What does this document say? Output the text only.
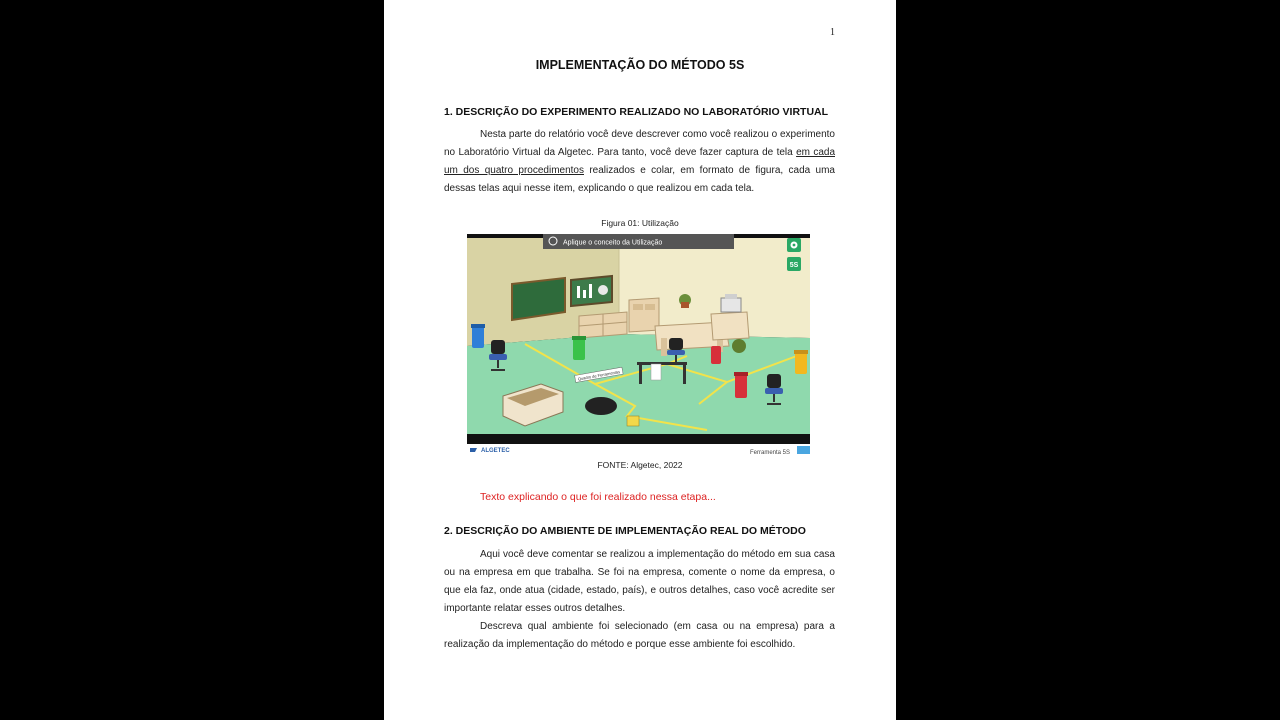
1
IMPLEMENTAÇÃO DO MÉTODO 5S
1. DESCRIÇÃO DO EXPERIMENTO REALIZADO NO LABORATÓRIO VIRTUAL
Nesta parte do relatório você deve descrever como você realizou o experimento no Laboratório Virtual da Algetec. Para tanto, você deve fazer captura de tela em cada um dos quatro procedimentos realizados e colar, em formato de figura, cada uma dessas telas aqui nesse item, explicando o que realizou em cada tela.
Figura 01: Utilização
Quadro de Ferramentas
Aplique o conceito da Utilização
5S
ALGETEC	Ferramenta 5S
FONTE: Algetec, 2022
Texto explicando o que foi realizado nessa etapa...
2. DESCRIÇÃO DO AMBIENTE DE IMPLEMENTAÇÃO REAL DO MÉTODO
Aqui você deve comentar se realizou a implementação do método em sua casa ou na empresa em que trabalha. Se foi na empresa, comente o nome da empresa, o que ela faz, onde atua (cidade, estado, país), e outros detalhes, caso você acredite ser importante relatar esses outros detalhes.
Descreva qual ambiente foi selecionado (em casa ou na empresa) para a realização da implementação do método e porque esse ambiente foi escolhido.
